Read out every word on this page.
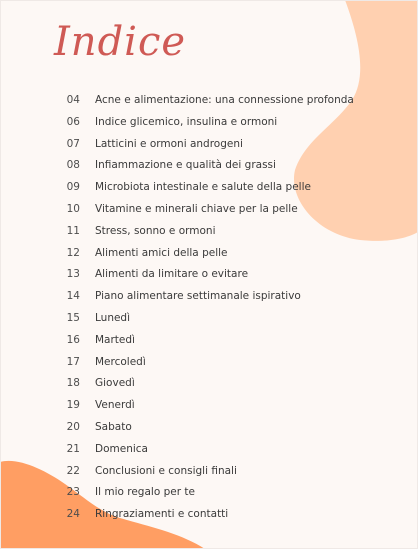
Indice
04 Acne e alimentazione: una connessione profonda
06 Indice glicemico, insulina e ormoni
07 Latticini e ormoni androgeni
08 Infiammazione e qualità dei grassi
09 Microbiota intestinale e salute della pelle
10 Vitamine e minerali chiave per la pelle
11 Stress, sonno e ormoni
12 Alimenti amici della pelle
13 Alimenti da limitare o evitare
14 Piano alimentare settimanale ispirativo
15 Lunedì
16 Martedì
17 Mercoledì
18 Giovedì
19 Venerdì
20 Sabato
21 Domenica
22 Conclusioni e consigli finali
23 Il mio regalo per te
24 Ringraziamenti e contatti
